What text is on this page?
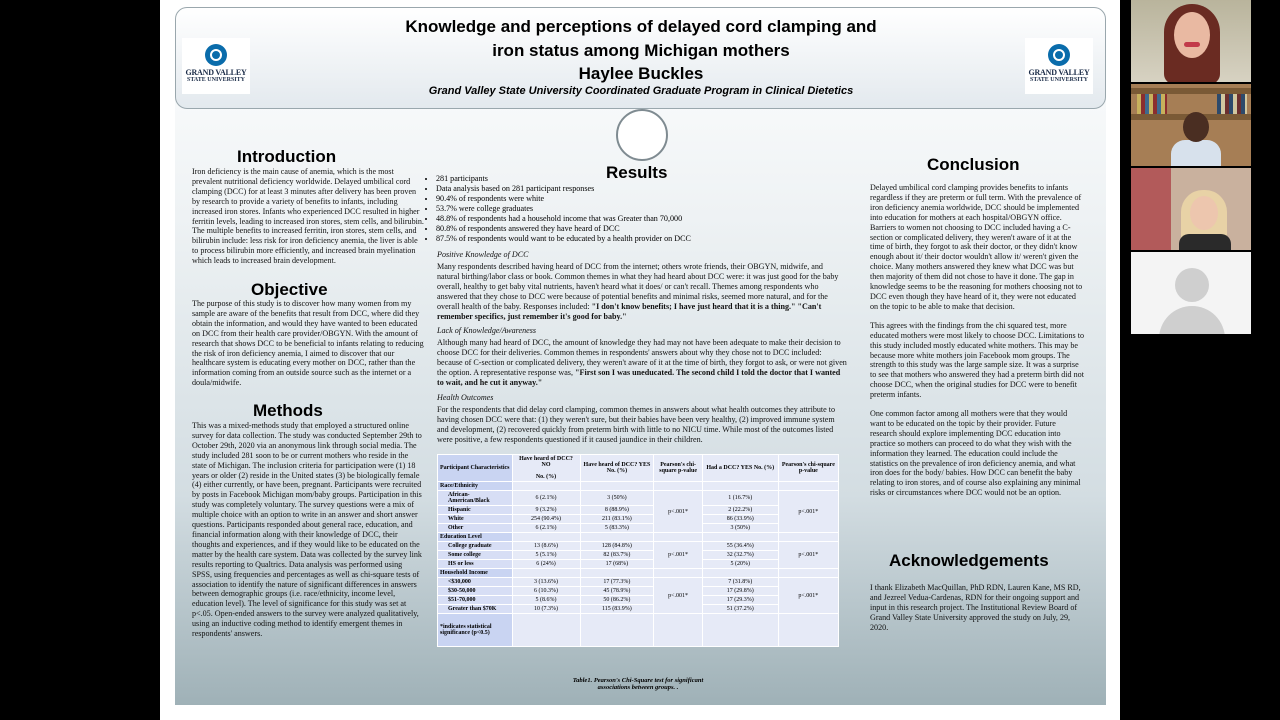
GRAND VALLEY
STATE UNIVERSITY
GRAND VALLEY
STATE UNIVERSITY
Knowledge and perceptions of delayed cord clamping and
iron status among Michigan mothers
Haylee Buckles
Grand Valley State University Coordinated Graduate Program in Clinical Dietetics
Introduction
Iron deficiency is the main cause of anemia, which is the most prevalent nutritional deficiency worldwide. Delayed umbilical cord clamping (DCC) for at least 3 minutes after delivery has been proven by research to provide a variety of benefits to infants, including increased iron stores. Infants who experienced DCC resulted in higher ferritin levels, leading to increased iron stores, stem cells, and bilirubin. The multiple benefits to increased ferritin, iron stores, stem cells, and bilirubin include: less risk for iron deficiency anemia, the liver is able to process bilirubin more efficiently, and increased brain myelination which leads to increased brain development.
Objective
The purpose of this study is to discover how many women from my sample are aware of the benefits that result from DCC, where did they obtain the information, and would they have wanted to been educated on DCC from their health care provider/OBGYN. With the amount of research that shows DCC to be beneficial to infants relating to reducing the risk of iron deficiency anemia, I aimed to discover that our healthcare system is educating every mother on DCC, rather than the information coming from an outside source such as the internet or a doula/midwife.
Methods
This was a mixed-methods study that employed a structured online survey for data collection. The study was conducted September 29th to October 29th, 2020 via an anonymous link through social media. The study included 281 soon to be or current mothers who reside in the state of Michigan. The inclusion criteria for participation were (1) 18 years or older (2) reside in the United states (3) be biologically female (4) either currently, or have been, pregnant. Participants were recruited by posts in Facebook Michigan mom/baby groups. Participation in this study was completely voluntary. The survey questions were a mix of multiple choice with an option to write in an answer and short answer questions. Participants responded about general race, education, and financial information along with their knowledge of DCC, their thoughts and experiences, and if they would like to be educated on the matter by the health care system. Data was collected by the survey link results reporting to Qualtrics. Data analysis was performed using SPSS, using frequencies and percentages as well as chi-square tests of association to identify the nature of significant differences in answers between demographic groups (i.e. race/ethnicity, income level, education level). The level of significance for this study was set at p<.05. Open-ended answers to the survey were analyzed qualitatively, using an inductive coding method to identify emergent themes in respondents' answers.
Results
• 281 participants
• Data analysis based on 281 participant responses
• 90.4% of respondents were white
• 53.7% were college graduates
• 48.8% of respondents had a household income that was Greater than 70,000
• 80.8% of respondents answered they have heard of DCC
• 87.5% of respondents would want to be educated by a health provider on DCC
Positive Knowledge of DCC
Many respondents described having heard of DCC from the internet; others wrote friends, their OBGYN, midwife, and natural birthing/labor class or book. Common themes in what they had heard about DCC were: it was just good for the baby overall, healthy to get baby vital nutrients, haven't heard what it does/ or can't recall. Themes among respondents who answered that they chose to DCC were because of potential benefits and minimal risks, seemed more natural, and for the overall health of the baby. Responses included: "I don't know benefits; I have just heard that it is a thing." "Can't remember specifics, just remember it's good for baby."
Lack of Knowledge/Awareness
Although many had heard of DCC, the amount of knowledge they had may not have been adequate to make their decision to choose DCC for their deliveries. Common themes in respondents' answers about why they chose not to DCC included: because of C-section or complicated delivery, they weren't aware of it at the time of birth, they forgot to ask, or were not given the option. A representative response was, "First son I was uneducated. The second child I told the doctor that I wanted to wait, and he cut it anyway."
Health Outcomes
For the respondents that did delay cord clamping, common themes in answers about what health outcomes they attribute to having chosen DCC were that: (1) they weren't sure, but their babies have been very healthy, (2) improved immune system and development, (2) recovered quickly from preterm birth with little to no NICU time. While most of the outcomes listed were positive, a few respondents questioned if it caused jaundice in their children.
Participant Characteristics	Have heard of DCC? NO

No. (%)	Have heard of DCC? YES No. (%)	Pearson's chi-square p-value	Had a DCC? YES No. (%)	Pearson's chi-square p-value
Race/Ethnicity					
African-American/Black	6 (2.1%)	3 (50%)	p<.001*	1 (16.7%)	p<.001*
Hispanic	9 (3.2%)	8 (88.9%)		2 (22.2%)	
White	254 (90.4%)	211 (83.1%)		86 (33.9%)	
Other	6 (2.1%)	5 (83.3%)		3 (50%)	
Education Level					
College graduate	13 (8.6%)	128 (84.8%)	p<.001*	55 (36.4%)	p<.001*
Some college	5 (5.1%)	82 (83.7%)		32 (32.7%)	
HS or less	6 (24%)	17 (68%)		5 (20%)	
Household Income					
<$30,000	3 (13.6%)	17 (77.3%)	p<.001*	7 (31.8%)	p<.001*
$30-50,000	6 (10.3%)	45 (78.9%)		17 (29.8%)	
$51-70,000	5 (8.6%)	50 (86.2%)		17 (29.3%)	
Greater than $70K	10 (7.3%)	115 (83.9%)		51 (37.2%)	
*indicates statistical significance (p<0.5)					
Table1. Pearson's Chi-Square test for significant
associations between groups. .
Conclusion

Delayed umbilical cord clamping provides benefits to infants regardless if they are preterm or full term. With the prevalence of iron deficiency anemia worldwide, DCC should be implemented into education for mothers at each hospital/OBGYN office. Barriers to women not choosing to DCC included having a C-section or complicated delivery, they weren't aware of it at the time of birth, they forgot to ask their doctor, or they didn't know enough about it/ their doctor wouldn't allow it/ weren't given the choice. Many mothers answered they knew what DCC was but then majority of them did not chose to have it done. The gap in knowledge seems to be the reasoning for mothers choosing not to DCC even though they have heard of it, they were not educated on the topic to be able to make that decision.

This agrees with the findings from the chi squared test, more educated mothers were most likely to choose DCC. Limitations to this study included mostly educated white mothers. This may be because more white mothers join Facebook mom groups. The strength to this study was the large sample size. It was a surprise to see that mothers who answered they had a preterm birth did not choose DCC, when the original studies for DCC were to benefit preterm infants.

One common factor among all mothers were that they would want to be educated on the topic by their provider. Future research should explore implementing DCC education into practice so mothers can proceed to do what they wish with the information they learned. The education could include the statistics on the prevalence of iron deficiency anemia, and what iron does for the body/ babies. How DCC can benefit the baby relating to iron stores, and of course also explaining any minimal risks or circumstances where DCC would not be an option.

Acknowledgements
I thank Elizabeth MacQuillan, PhD RDN, Lauren Kane, MS RD, and Jezreel Vedua-Cardenas, RDN for their ongoing support and input in this research project. The Institutional Review Board of Grand Valley State University approved the study on July, 29, 2020.
